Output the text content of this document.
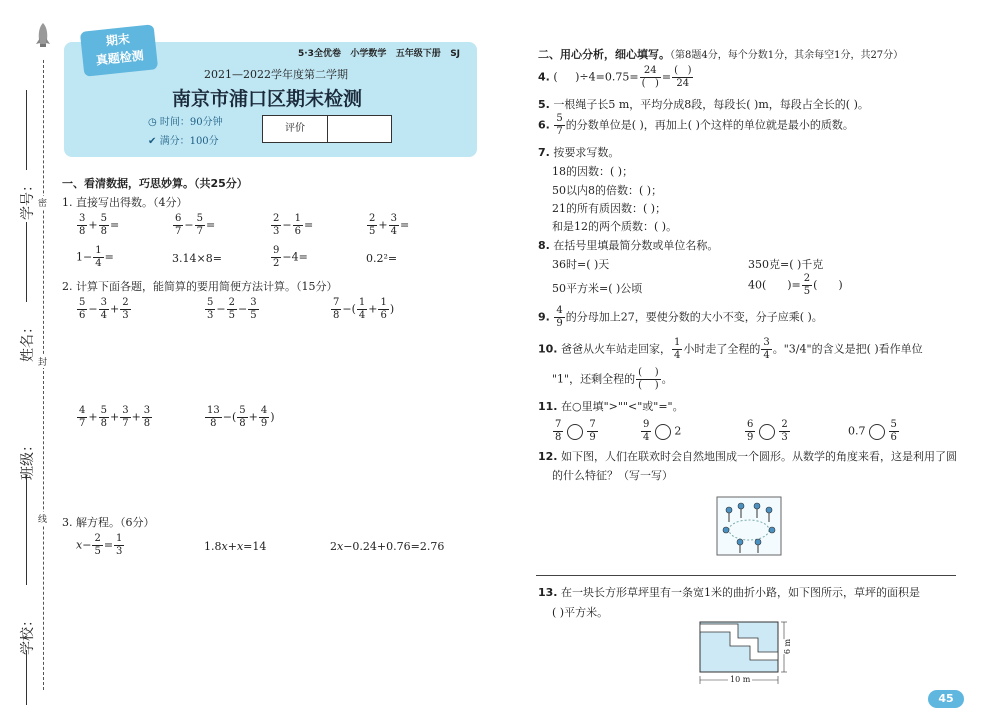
密
封
线
学号：
姓名：
班级：
学校：
期末
真题检测	5·3全优卷 小学数学 五年级下册 SJ
2021—2022学年度第二学期
南京市浦口区期末检测
◷ 时间：90分钟
✔ 满分：100分
评价
一、看清数据，巧思妙算。（共25分）
1. 直接写出得数。（4分）
$\frac{3}{8} + \frac{5}{8}$ =	$\frac{6}{7} - \frac{5}{7}$ =	$\frac{2}{3} - \frac{1}{6}$ =	$\frac{2}{5} + \frac{3}{4}$ =
$1- \frac{1}{4}$ =	3.14×8=	$\frac{9}{2} -4=$	0.2²=
2. 计算下面各题，能简算的要用简便方法计算。（15分）
$\frac{5}{6} - \frac{3}{4} + \frac{2}{3}$	$\frac{5}{3} - \frac{2}{5} - \frac{3}{5}$	$\frac{7}{8}$ −( $\frac{1}{4} + \frac{1}{6}$ )
$\frac{4}{7} + \frac{5}{8} + \frac{3}{7} + \frac{3}{8}$	$\frac{13}{8}$ −( $\frac{5}{8} + \frac{4}{9}$ )
3. 解方程。（6分）
$x- \frac{2}{5} = \frac{1}{3}$	1.8x+x=14	2x−0.24+0.76=2.76
二、用心分析，细心填写。（第8题4分，每个分数1分，其余每空1分，共27分）
4. (     )$\div 4=0.75= \frac{24}{( )} = \frac{( )}{24}$
5. 一根绳子长5 m，平均分成8段，每段长( )m，每段占全长的( )。
6. $\frac{5}{7}$ 的分数单位是( )，再加上( )个这样的单位就是最小的质数。
7. 按要求写数。
18的因数：( )；
50以内8的倍数：( )；
21的所有质因数：( )；
和是12的两个质数：( )。
8. 在括号里填最简分数或单位名称。
36时=( )天	350克=( )千克
50平方米=( )公顷	40(      )= $\frac{2}{5}$ (      )
9. $\frac{4}{9}$ 的分母加上27，要使分数的大小不变，分子应乘( )。
10. 爸爸从火车站走回家， $\frac{1}{4}$ 小时走了全程的 $\frac{3}{4}$ 。"3/4"的含义是把( )看作单位
"1"，还剩全程的 $\frac{( )}{( )}$ 。
11. 在○里填">""<"或"="。
$\frac{7}{8} \frac{7}{9}$	$\frac{9}{4} 2$	$\frac{6}{9} \frac{2}{3}$	$0.7 \frac{5}{6}$
12. 如下图，人们在联欢时会自然地围成一个圆形。从数学的角度来看，这是利用了圆
的什么特征？（写一写）
13. 在一块长方形草坪里有一条宽1米的曲折小路，如下图所示，草坪的面积是
( )平方米。
6 m
10 m
45
